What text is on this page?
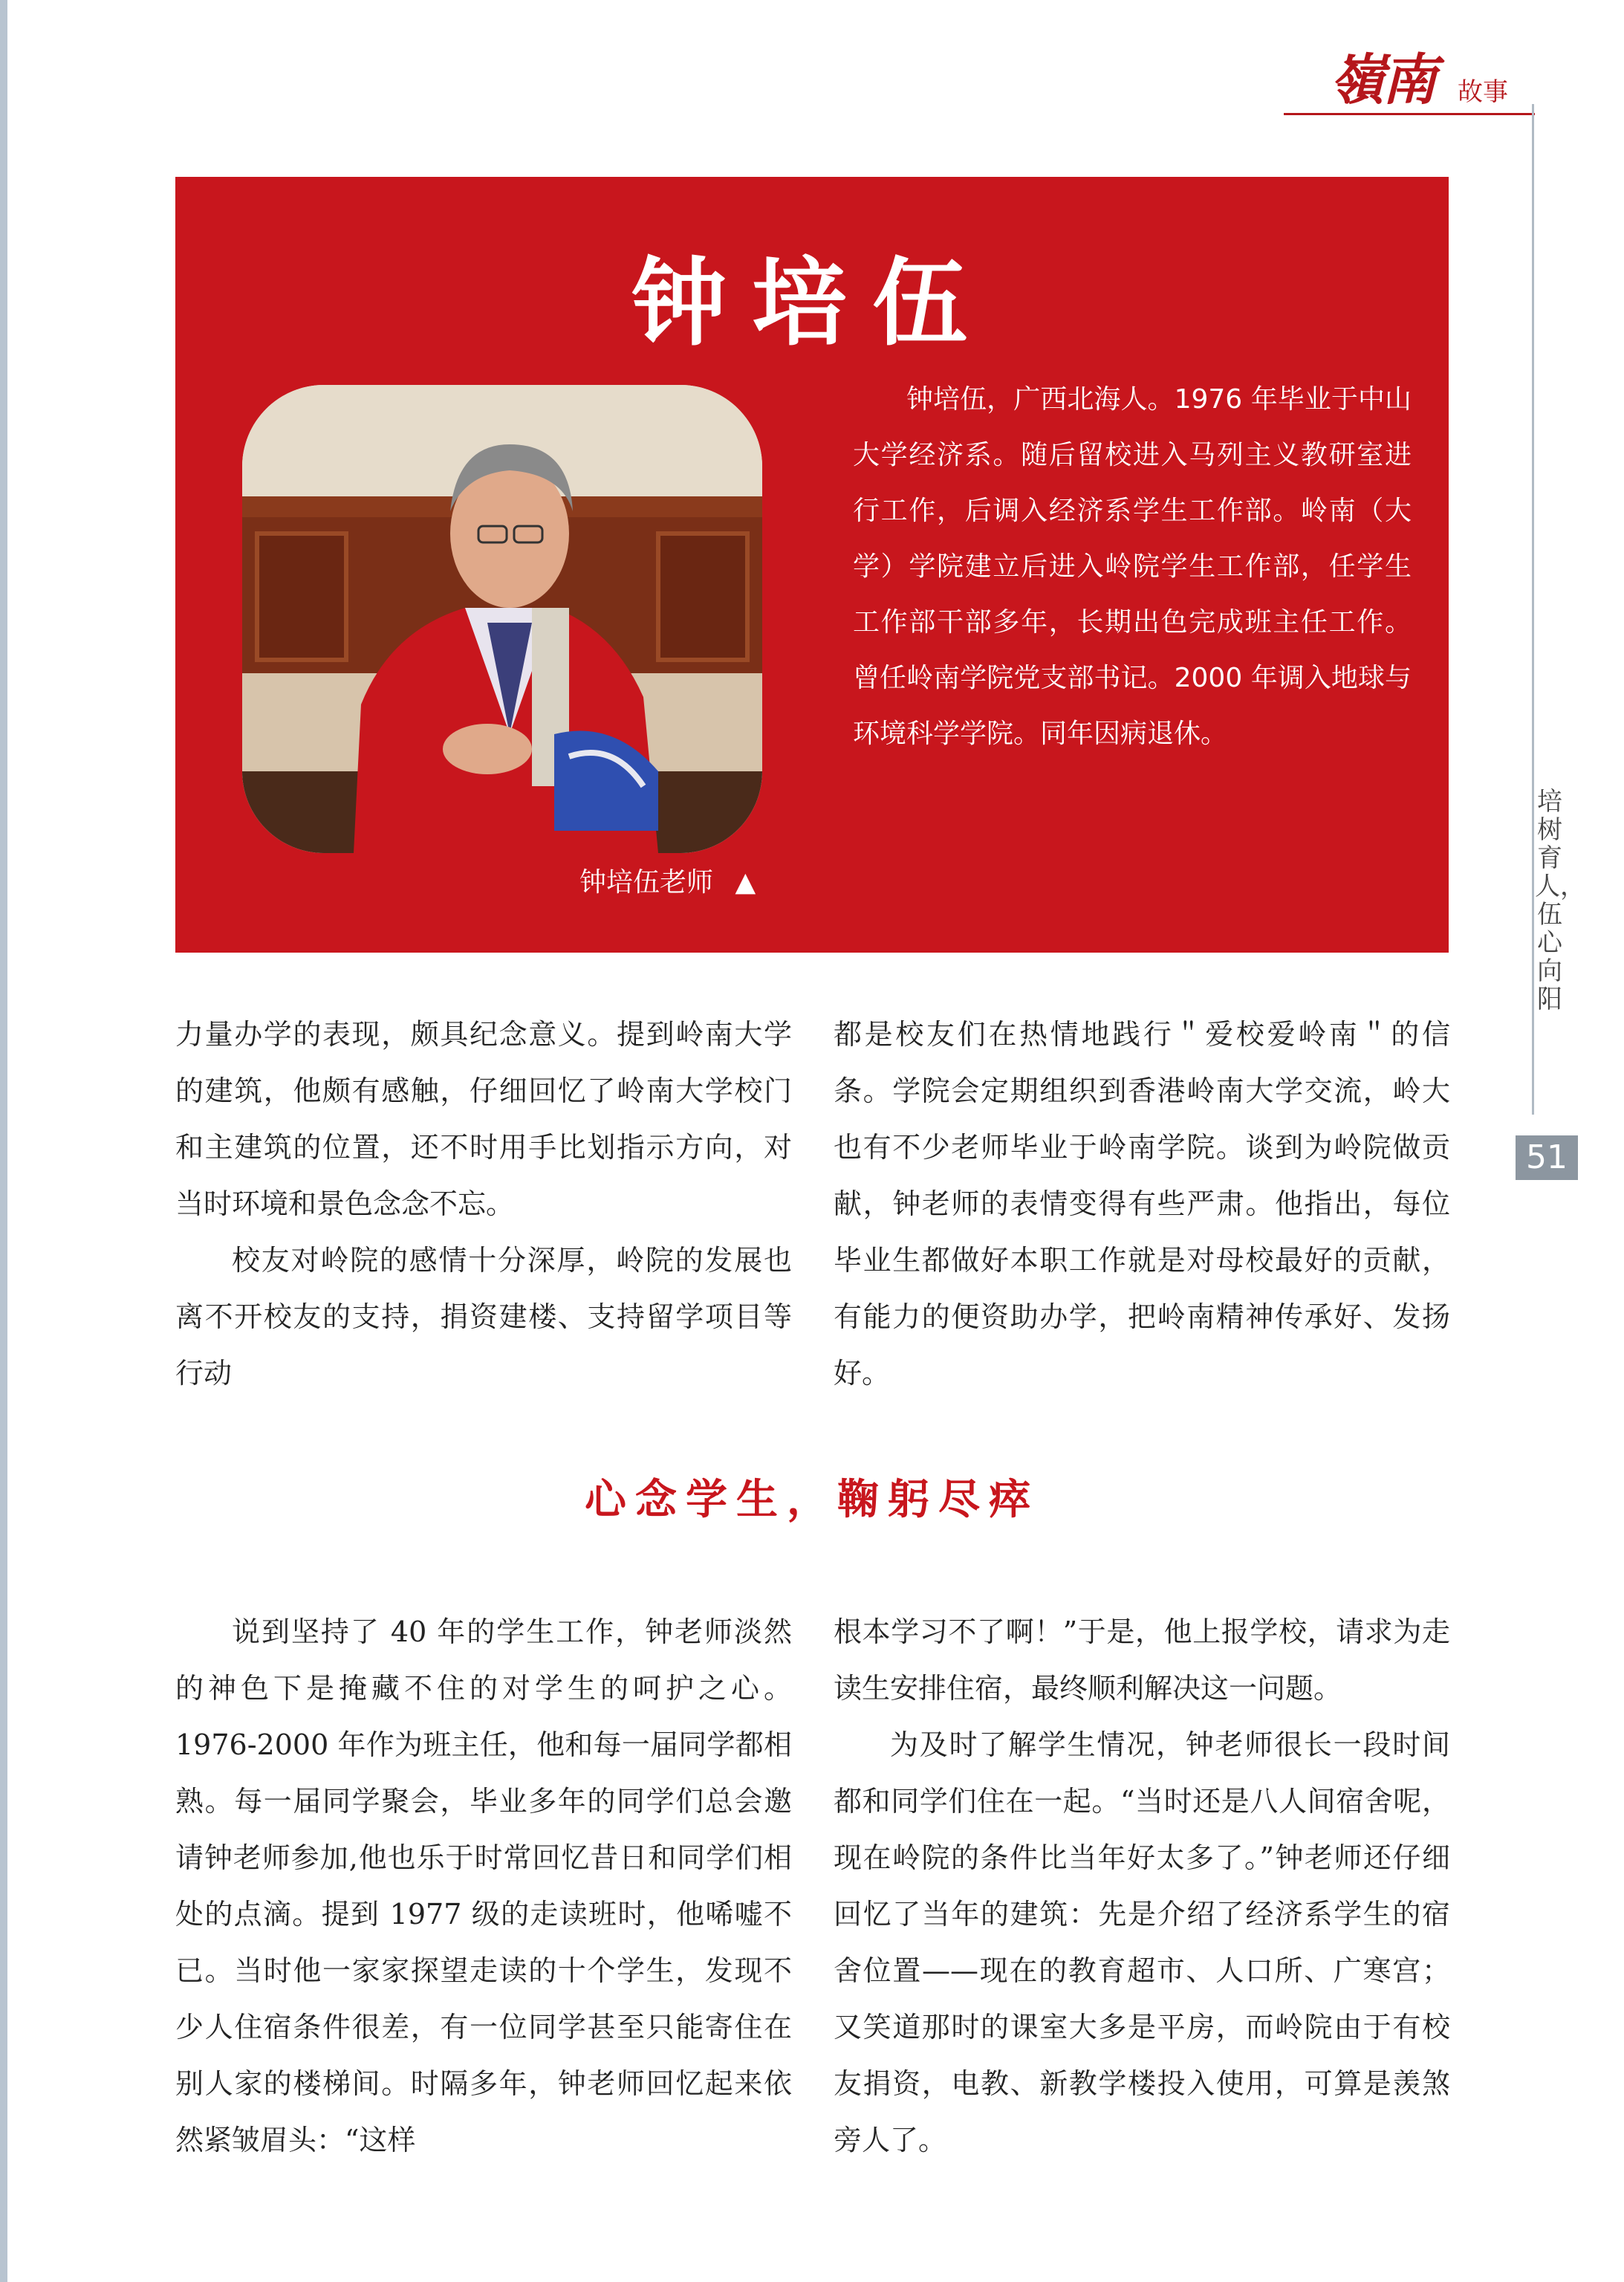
嶺南 故事
培树育人，伍心向阳
51
钟培伍
钟培伍老师 ▲

钟培伍，广西北海人。1976 年毕业于中山大学经济系。随后留校进入马列主义教研室进行工作，后调入经济系学生工作部。岭南（大学）学院建立后进入岭院学生工作部，任学生工作部干部多年，长期出色完成班主任工作。曾任岭南学院党支部书记。2000 年调入地球与环境科学学院。同年因病退休。

力量办学的表现，颇具纪念意义。提到岭南大学的建筑，他颇有感触，仔细回忆了岭南大学校门和主建筑的位置，还不时用手比划指示方向，对当时环境和景色念念不忘。

校友对岭院的感情十分深厚，岭院的发展也离不开校友的支持，捐资建楼、支持留学项目等行动

都是校友们在热情地践行＂爱校爱岭南＂的信条。学院会定期组织到香港岭南大学交流，岭大也有不少老师毕业于岭南学院。谈到为岭院做贡献，钟老师的表情变得有些严肃。他指出，每位毕业生都做好本职工作就是对母校最好的贡献，有能力的便资助办学，把岭南精神传承好、发扬好。

心念学生，鞠躬尽瘁

说到坚持了 40 年的学生工作，钟老师淡然的神色下是掩藏不住的对学生的呵护之心。1976-2000 年作为班主任，他和每一届同学都相熟。每一届同学聚会，毕业多年的同学们总会邀请钟老师参加,他也乐于时常回忆昔日和同学们相处的点滴。提到 1977 级的走读班时，他唏嘘不已。当时他一家家探望走读的十个学生，发现不少人住宿条件很差，有一位同学甚至只能寄住在别人家的楼梯间。时隔多年，钟老师回忆起来依然紧皱眉头：“这样

根本学习不了啊！”于是，他上报学校，请求为走读生安排住宿，最终顺利解决这一问题。

为及时了解学生情况，钟老师很长一段时间都和同学们住在一起。“当时还是八人间宿舍呢，现在岭院的条件比当年好太多了。”钟老师还仔细回忆了当年的建筑：先是介绍了经济系学生的宿舍位置——现在的教育超市、人口所、广寒宫；又笑道那时的课室大多是平房，而岭院由于有校友捐资，电教、新教学楼投入使用，可算是羡煞旁人了。
